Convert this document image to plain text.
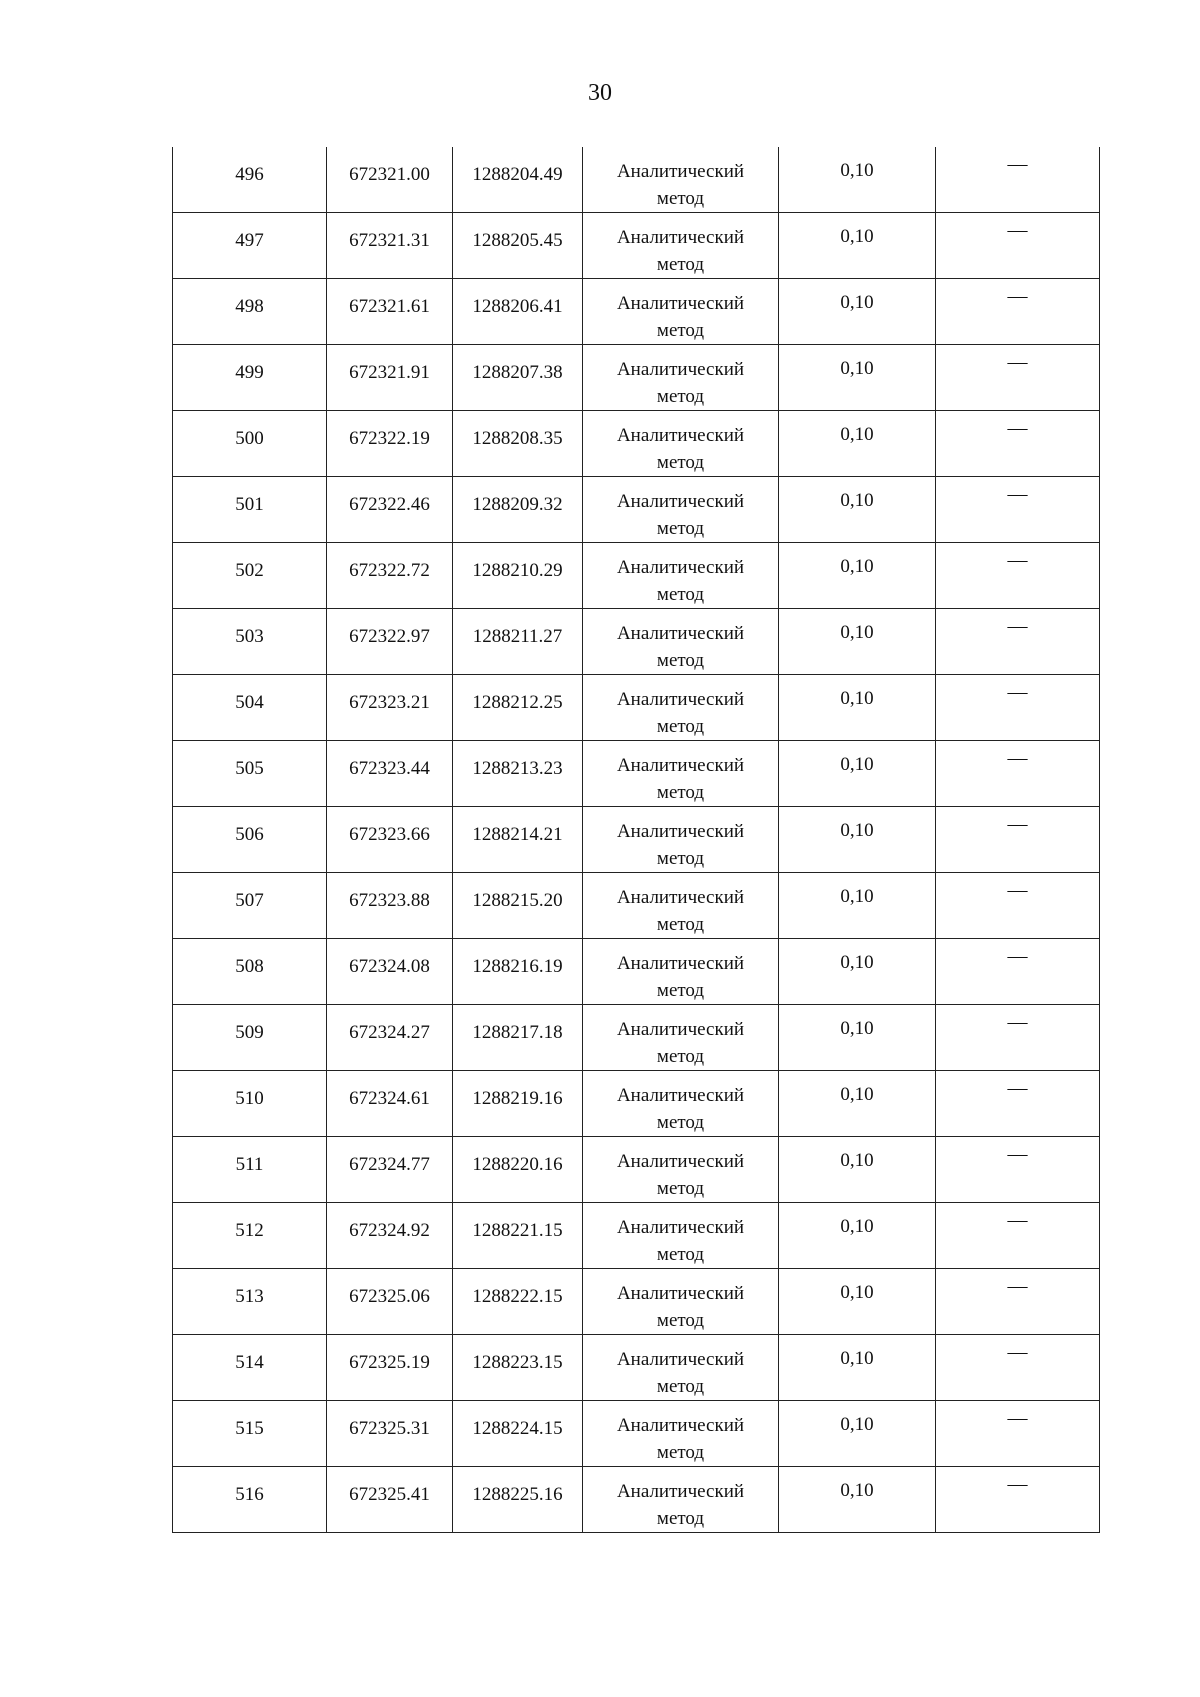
30
496	672321.00	1288204.49	Аналитический
метод	0,10	—

497	672321.31	1288205.45	Аналитический
метод	0,10	—

498	672321.61	1288206.41	Аналитический
метод	0,10	—

499	672321.91	1288207.38	Аналитический
метод	0,10	—

500	672322.19	1288208.35	Аналитический
метод	0,10	—

501	672322.46	1288209.32	Аналитический
метод	0,10	—

502	672322.72	1288210.29	Аналитический
метод	0,10	—

503	672322.97	1288211.27	Аналитический
метод	0,10	—

504	672323.21	1288212.25	Аналитический
метод	0,10	—

505	672323.44	1288213.23	Аналитический
метод	0,10	—

506	672323.66	1288214.21	Аналитический
метод	0,10	—

507	672323.88	1288215.20	Аналитический
метод	0,10	—

508	672324.08	1288216.19	Аналитический
метод	0,10	—

509	672324.27	1288217.18	Аналитический
метод	0,10	—

510	672324.61	1288219.16	Аналитический
метод	0,10	—

511	672324.77	1288220.16	Аналитический
метод	0,10	—

512	672324.92	1288221.15	Аналитический
метод	0,10	—

513	672325.06	1288222.15	Аналитический
метод	0,10	—

514	672325.19	1288223.15	Аналитический
метод	0,10	—

515	672325.31	1288224.15	Аналитический
метод	0,10	—

516	672325.41	1288225.16	Аналитический
метод	0,10	—
